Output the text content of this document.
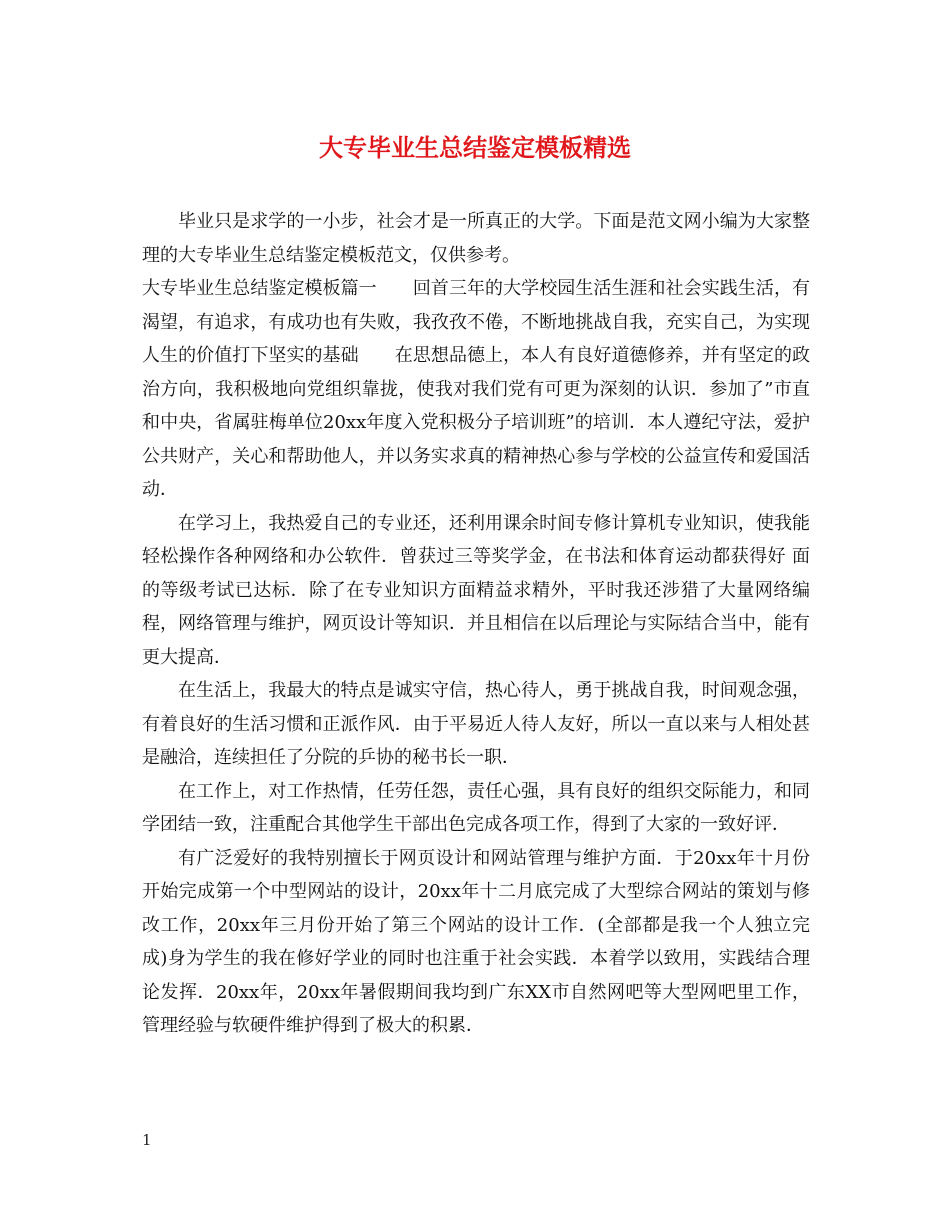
大专毕业生总结鉴定模板精选

毕业只是求学的一小步，社会才是一所真正的大学。下面是范文网小编为大家整理的大专毕业生总结鉴定模板范文，仅供参考。

大专毕业生总结鉴定模板篇一　　回首三年的大学校园生活生涯和社会实践生活，有渴望，有追求，有成功也有失败，我孜孜不倦，不断地挑战自我，充实自己，为实现人生的价值打下坚实的基础　　在思想品德上，本人有良好道德修养，并有坚定的政治方向，我积极地向党组织靠拢，使我对我们党有可更为深刻的认识．参加了”市直和中央，省属驻梅单位20xx年度入党积极分子培训班”的培训．本人遵纪守法，爱护公共财产，关心和帮助他人，并以务实求真的精神热心参与学校的公益宣传和爱国活动．

在学习上，我热爱自己的专业还，还利用课余时间专修计算机专业知识，使我能轻松操作各种网络和办公软件．曾获过三等奖学金，在书法和体育运动都获得好 面的等级考试已达标．除了在专业知识方面精益求精外，平时我还涉猎了大量网络编程，网络管理与维护，网页设计等知识．并且相信在以后理论与实际结合当中，能有更大提高．

在生活上，我最大的特点是诚实守信，热心待人，勇于挑战自我，时间观念强，有着良好的生活习惯和正派作风．由于平易近人待人友好，所以一直以来与人相处甚是融洽，连续担任了分院的乒协的秘书长一职．

在工作上，对工作热情，任劳任怨，责任心强，具有良好的组织交际能力，和同学团结一致，注重配合其他学生干部出色完成各项工作，得到了大家的一致好评．

有广泛爱好的我特别擅长于网页设计和网站管理与维护方面．于20xx年十月份开始完成第一个中型网站的设计，20xx年十二月底完成了大型综合网站的策划与修改工作，20xx年三月份开始了第三个网站的设计工作．(全部都是我一个人独立完成)身为学生的我在修好学业的同时也注重于社会实践．本着学以致用，实践结合理论发挥．20xx年，20xx年暑假期间我均到广东XX市自然网吧等大型网吧里工作，管理经验与软硬件维护得到了极大的积累．

1
